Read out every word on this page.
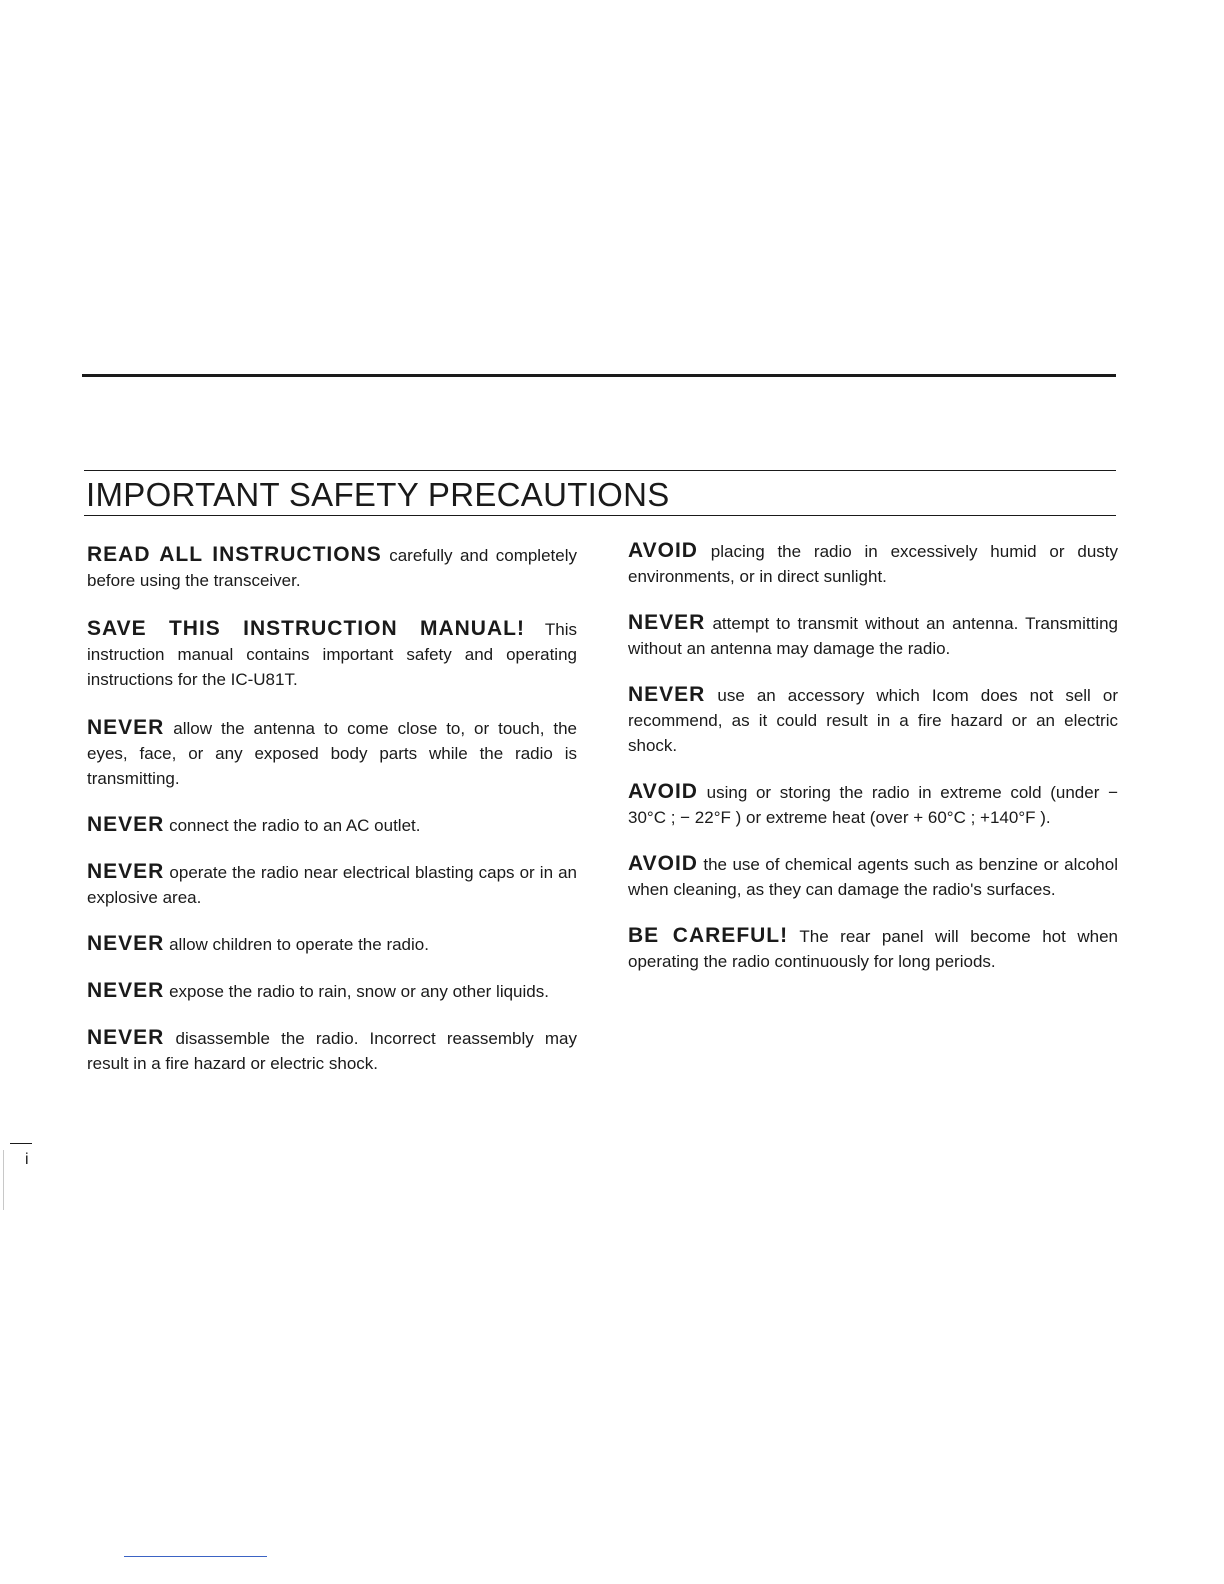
IMPORTANT SAFETY PRECAUTIONS

READ ALL INSTRUCTIONS carefully and completely before using the transceiver.

SAVE THIS INSTRUCTION MANUAL! This instruction manual contains important safety and operating instructions for the IC-U81T.

NEVER allow the antenna to come close to, or touch, the eyes, face, or any exposed body parts while the radio is transmitting.

NEVER connect the radio to an AC outlet.

NEVER operate the radio near electrical blasting caps or in an explosive area.

NEVER allow children to operate the radio.

NEVER expose the radio to rain, snow or any other liquids.

NEVER disassemble the radio. Incorrect reassembly may result in a fire hazard or electric shock.

AVOID placing the radio in excessively humid or dusty environments, or in direct sunlight.

NEVER attempt to transmit without an antenna. Transmitting without an antenna may damage the radio.

NEVER use an accessory which Icom does not sell or recommend, as it could result in a fire hazard or an electric shock.

AVOID using or storing the radio in extreme cold (under − 30°C ; − 22°F ) or extreme heat (over + 60°C ; +140°F ).

AVOID the use of chemical agents such as benzine or alcohol when cleaning, as they can damage the radio's surfaces.

BE CAREFUL! The rear panel will become hot when operating the radio continuously for long periods.

i
